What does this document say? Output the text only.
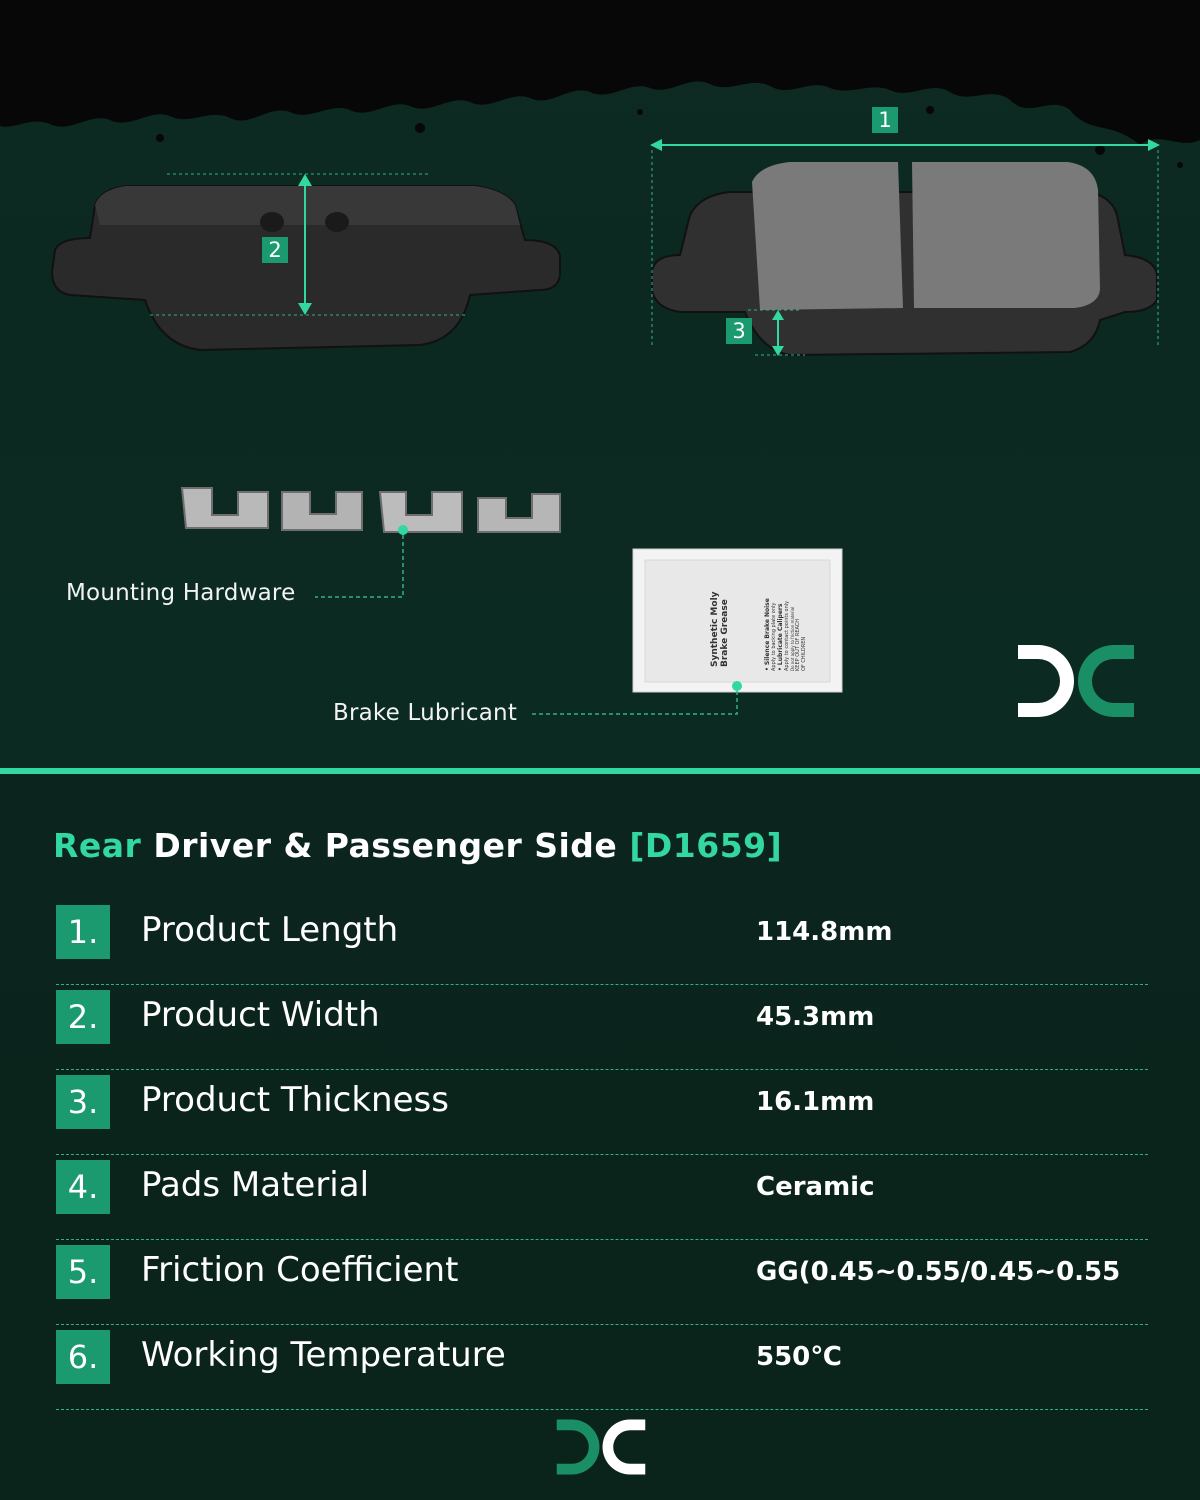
1
2
3
Synthetic Moly Brake Grease	• Silence Brake Noise Apply to backing plate only • Lubricate Calipers Apply to contact points only Do not apply to friction material KEEP OUT OF REACH OF CHILDREN
Mounting Hardware
Brake Lubricant
Rear Driver & Passenger Side [D1659]
1.	Product Length	114.8mm
2.	Product Width	45.3mm
3.	Product Thickness	16.1mm
4.	Pads Material	Ceramic
5.	Friction Coefficient	GG(0.45~0.55/0.45~0.55
6.	Working Temperature	550℃
